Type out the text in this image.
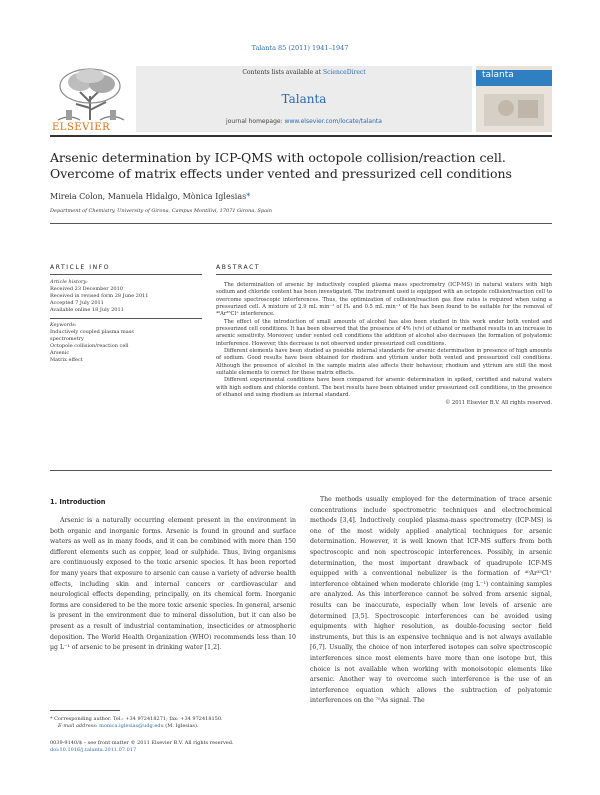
Talanta 85 (2011) 1941–1947
ELSEVIER
Contents lists available at ScienceDirect
Talanta
journal homepage: www.elsevier.com/locate/talanta
talanta
Arsenic determination by ICP-QMS with octopole collision/reaction cell.
Overcome of matrix effects under vented and pressurized cell conditions
Mireia Colon, Manuela Hidalgo, Mònica Iglesias*
Department of Chemistry, University of Girona, Campus Montilivi, 17071 Girona, Spain
ARTICLE INFO
Article history:
Received 23 December 2010
Received in revised form 28 June 2011
Accepted 7 July 2011
Available online 18 July 2011
Keywords:
Inductively coupled plasma mass
spectrometry
Octopole collision/reaction cell
Arsenic
Matrix effect
ABSTRACT

The determination of arsenic by inductively coupled plasma mass spectrometry (ICP-MS) in natural waters with high sodium and chloride content has been investigated. The instrument used is equipped with an octopole collision/reaction cell to overcome spectroscopic interferences. Thus, the optimization of collision/reaction gas flow rates is required when using a pressurized cell. A mixture of 2.9 mL min⁻¹ of H₂ and 0.5 mL min⁻¹ of He has been found to be suitable for the removal of ⁴⁰Ar³⁵Cl⁺ interference.

The effect of the introduction of small amounts of alcohol has also been studied in this work under both vented and pressurized cell conditions. It has been observed that the presence of 4% (v/v) of ethanol or methanol results in an increase in arsenic sensitivity. Moreover, under vented cell conditions the addition of alcohol also decreases the formation of polyatomic interference. However, this decrease is not observed under pressurized cell conditions.

Different elements have been studied as possible internal standards for arsenic determination in presence of high amounts of sodium. Good results have been obtained for rhodium and yttrium under both vented and pressurized cell conditions. Although the presence of alcohol in the sample matrix also affects their behaviour, rhodium and yttrium are still the most suitable elements to correct for these matrix effects.

Different experimental conditions have been compared for arsenic determination in spiked, certified and natural waters with high sodium and chloride content. The best results have been obtained under pressurized cell conditions, in the presence of ethanol and using rhodium as internal standard.

© 2011 Elsevier B.V. All rights reserved.
1. Introduction

Arsenic is a naturally occurring element present in the environment in both organic and inorganic forms. Arsenic is found in ground and surface waters as well as in many foods, and it can be combined with more than 150 different elements such as copper, lead or sulphide. Thus, living organisms are continuously exposed to the toxic arsenic species. It has been reported for many years that exposure to arsenic can cause a variety of adverse health effects, including skin and internal cancers or cardiovascular and neurological effects depending, principally, on its chemical form. Inorganic forms are considered to be the more toxic arsenic species. In general, arsenic is present in the environment due to mineral dissolution, but it can also be present as a result of industrial contamination, insecticides or atmospheric deposition. The World Health Organization (WHO) recommends less than 10 µg L⁻¹ of arsenic to be present in drinking water [1,2].

The methods usually employed for the determination of trace arsenic concentrations include spectrometric techniques and electrochemical methods [3,4]. Inductively coupled plasma-mass spectrometry (ICP-MS) is one of the most widely applied analytical techniques for arsenic determination. However, it is well known that ICP-MS suffers from both spectroscopic and non spectroscopic interferences. Possibly, in arsenic determination, the most important drawback of quadrupole ICP-MS equipped with a conventional nebulizer is the formation of ⁴⁰Ar³⁵Cl⁺ interference obtained when moderate chloride (mg L⁻¹) containing samples are analyzed. As this interference cannot be solved from arsenic signal, results can be inaccurate, especially when low levels of arsenic are determined [3,5]. Spectroscopic interferences can be avoided using equipments with higher resolution, as double-focusing sector field instruments, but this is an expensive technique and is not always available [6,7]. Usually, the choice of non interfered isotopes can solve spectroscopic interferences since most elements have more than one isotope but, this choice is not available when working with monoisotopic elements like arsenic. Another way to overcome such interference is the use of an interference equation which allows the subtraction of polyatomic interferences on the ⁷⁵As signal. The

* Corresponding author. Tel.: +34 972418271; fax: +34 972418150.
E-mail address: monica.iglesias@udg.edu (M. Iglesias).
0039-9140/$ – see front matter © 2011 Elsevier B.V. All rights reserved.
doi:10.1016/j.talanta.2011.07.017
